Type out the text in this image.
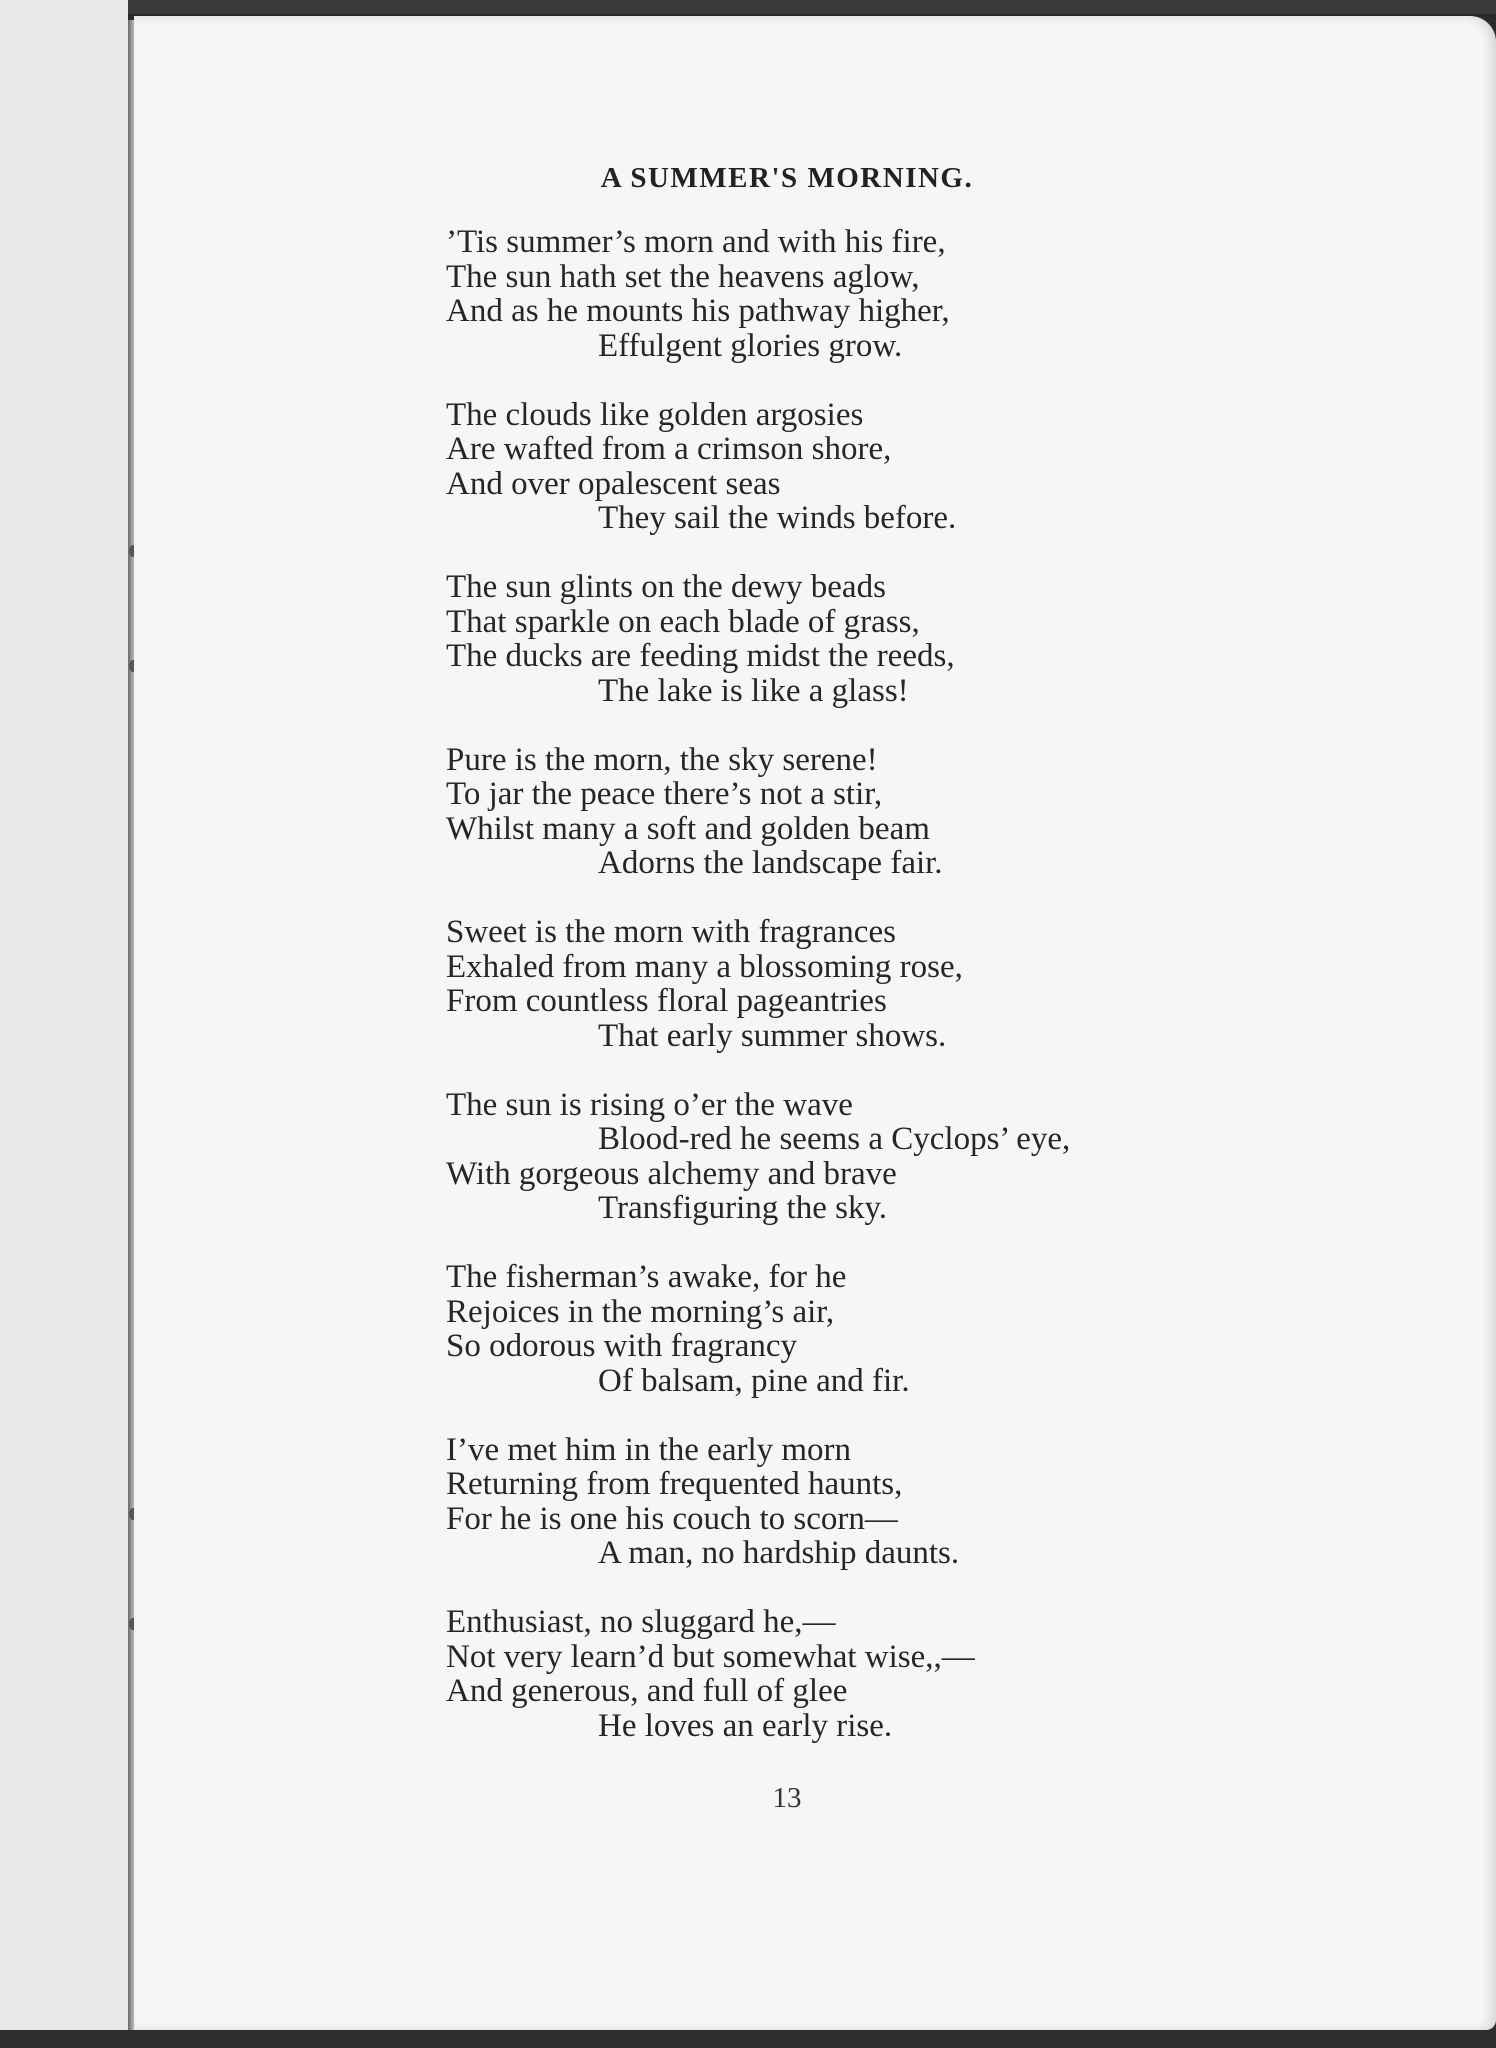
A SUMMER'S MORNING.
’Tis summer’s morn and with his fire,
The sun hath set the heavens aglow,
And as he mounts his pathway higher,
Effulgent glories grow.
The clouds like golden argosies
Are wafted from a crimson shore,
And over opalescent seas
They sail the winds before.
The sun glints on the dewy beads
That sparkle on each blade of grass,
The ducks are feeding midst the reeds,
The lake is like a glass!
Pure is the morn, the sky serene!
To jar the peace there’s not a stir,
Whilst many a soft and golden beam
Adorns the landscape fair.
Sweet is the morn with fragrances
Exhaled from many a blossoming rose,
From countless floral pageantries
That early summer shows.
The sun is rising o’er the wave
Blood-red he seems a Cyclops’ eye,
With gorgeous alchemy and brave
Transfiguring the sky.
The fisherman’s awake, for he
Rejoices in the morning’s air,
So odorous with fragrancy
Of balsam, pine and fir.
I’ve met him in the early morn
Returning from frequented haunts,
For he is one his couch to scorn—
A man, no hardship daunts.
Enthusiast, no sluggard he,—
Not very learn’d but somewhat wise,,—
And generous, and full of glee
He loves an early rise.
13
